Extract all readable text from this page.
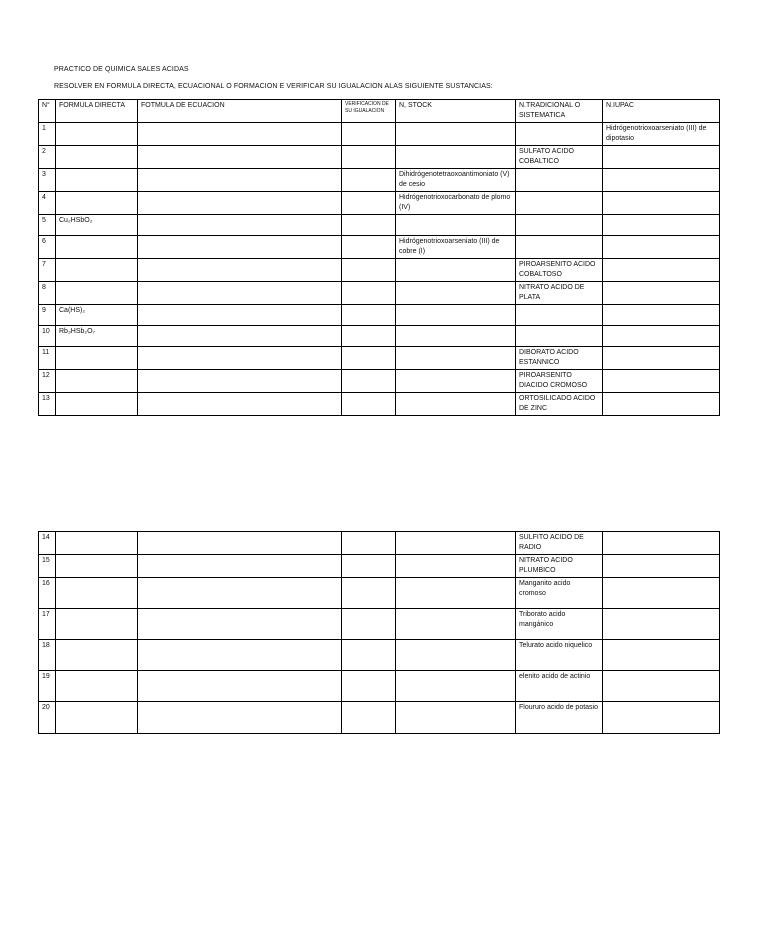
PRACTICO DE QUIMICA SALES ACIDAS
RESOLVER EN FORMULA DIRECTA, ECUACIONAL O FORMACION E VERIFICAR SU IGUALACION ALAS SIGUIENTE SUSTANCIAS:
N°	FORMULA DIRECTA	FOTMULA DE ECUACION	VERIFICACION DE SU IGUALACION	N, STOCK	N.TRADICIONAL O SISTEMATICA	N.IUPAC
1						Hidrógenotrioxoarseniato (III) de dipotasio
2					SULFATO ACIDO COBALTICO	
3				Dihidrógenotetraoxoantimoniato (V) de cesio		
4				Hidrógenotrioxocarbonato de plomo (IV)		
5	Cu₂HSbO₂					
6				Hidrógenotrioxoarseniato (III) de cobre (I)		
7					PIROARSENITO ACIDO COBALTOSO	
8					NITRATO ACIDO DE PLATA	
9	Ca(HS)₂					
10	Rb₃HSb₂O₇					
11					DIBORATO ACIDO ESTANNICO	
12					PIROARSENITO DIACIDO CROMOSO	
13					ORTOSILICADO ACIDO DE ZINC	
14					SULFITO ACIDO DE RADIO	
15					NITRATO ACIDO PLUMBICO	
16					Manganito acido cromoso	
17					Triborato acido mangánico	
18					Telurato acido niquelico	
19					elenito acido de actinio	
20					Floururo acido de potasio	
